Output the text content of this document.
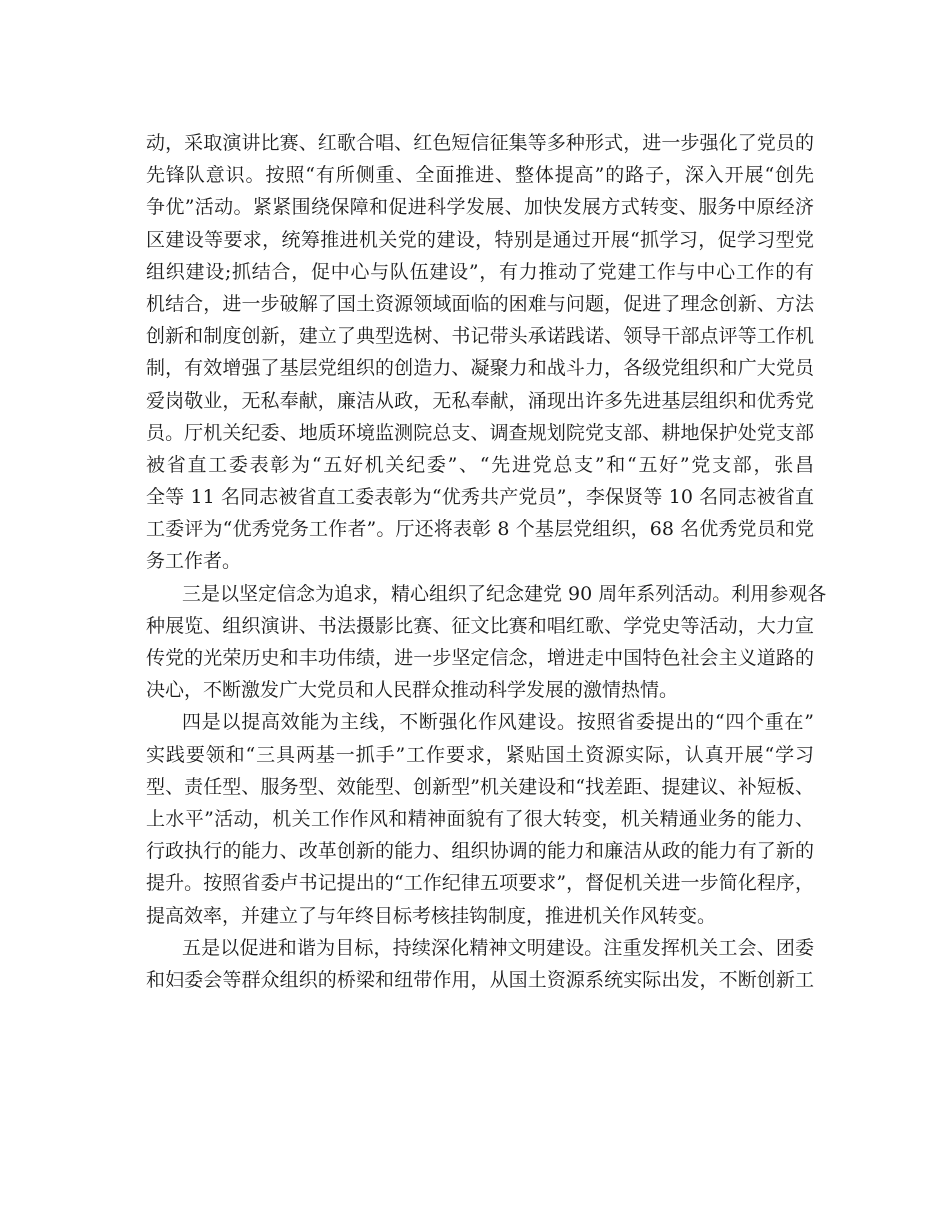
动，采取演讲比赛、红歌合唱、红色短信征集等多种形式，进一步强化了党员的
先锋队意识。按照“有所侧重、全面推进、整体提高”的路子，深入开展“创先
争优”活动。紧紧围绕保障和促进科学发展、加快发展方式转变、服务中原经济
区建设等要求，统筹推进机关党的建设，特别是通过开展“抓学习，促学习型党
组织建设;抓结合，促中心与队伍建设”，有力推动了党建工作与中心工作的有
机结合，进一步破解了国土资源领域面临的困难与问题，促进了理念创新、方法
创新和制度创新，建立了典型选树、书记带头承诺践诺、领导干部点评等工作机
制，有效增强了基层党组织的创造力、凝聚力和战斗力，各级党组织和广大党员
爱岗敬业，无私奉献，廉洁从政，无私奉献，涌现出许多先进基层组织和优秀党
员。厅机关纪委、地质环境监测院总支、调查规划院党支部、耕地保护处党支部
被省直工委表彰为“五好机关纪委”、“先进党总支”和“五好”党支部，张昌
全等 11 名同志被省直工委表彰为“优秀共产党员”，李保贤等 10 名同志被省直
工委评为“优秀党务工作者”。厅还将表彰 8 个基层党组织，68 名优秀党员和党
务工作者。
三是以坚定信念为追求，精心组织了纪念建党 90 周年系列活动。利用参观各
种展览、组织演讲、书法摄影比赛、征文比赛和唱红歌、学党史等活动，大力宣
传党的光荣历史和丰功伟绩，进一步坚定信念，增进走中国特色社会主义道路的
决心，不断激发广大党员和人民群众推动科学发展的激情热情。
四是以提高效能为主线，不断强化作风建设。按照省委提出的“四个重在”
实践要领和“三具两基一抓手”工作要求，紧贴国土资源实际，认真开展“学习
型、责任型、服务型、效能型、创新型”机关建设和“找差距、提建议、补短板、
上水平”活动，机关工作作风和精神面貌有了很大转变，机关精通业务的能力、
行政执行的能力、改革创新的能力、组织协调的能力和廉洁从政的能力有了新的
提升。按照省委卢书记提出的“工作纪律五项要求”，督促机关进一步简化程序，
提高效率，并建立了与年终目标考核挂钩制度，推进机关作风转变。
五是以促进和谐为目标，持续深化精神文明建设。注重发挥机关工会、团委
和妇委会等群众组织的桥梁和纽带作用，从国土资源系统实际出发，不断创新工
